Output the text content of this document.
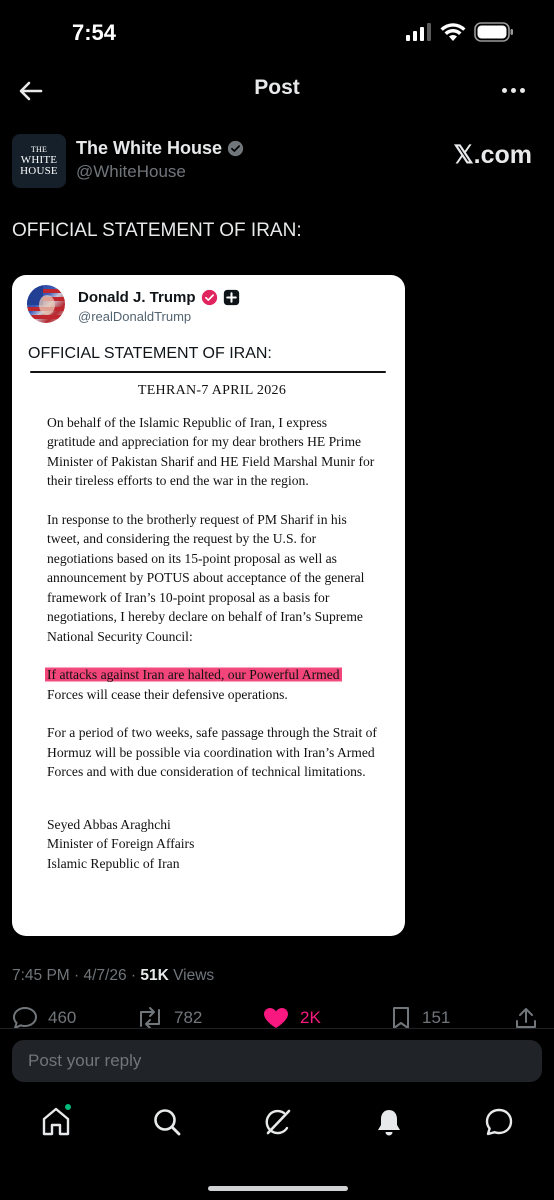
7:54
Post
THE
WHITE
HOUSE
The White House
@WhiteHouse
𝕏.com
OFFICIAL STATEMENT OF IRAN:
Donald J. Trump
@realDonaldTrump
OFFICIAL STATEMENT OF IRAN:
TEHRAN-7 APRIL 2026

On behalf of the Islamic Republic of Iran, I express gratitude and appreciation for my dear brothers HE Prime Minister of Pakistan Sharif and HE Field Marshal Munir for their tireless efforts to end the war in the region.

In response to the brotherly request of PM Sharif in his tweet, and considering the request by the U.S. for negotiations based on its 15-point proposal as well as announcement by POTUS about acceptance of the general framework of Iran’s 10-point proposal as a basis for negotiations, I hereby declare on behalf of Iran’s Supreme National Security Council:

If attacks against Iran are halted, our Powerful Armed
Forces will cease their defensive operations.

For a period of two weeks, safe passage through the Strait of Hormuz will be possible via coordination with Iran’s Armed Forces and with due consideration of technical limitations.

Seyed Abbas Araghchi
Minister of Foreign Affairs
Islamic Republic of Iran
7:45 PM · 4/7/26 · 51K Views
460	782	2K	151
Post your reply
